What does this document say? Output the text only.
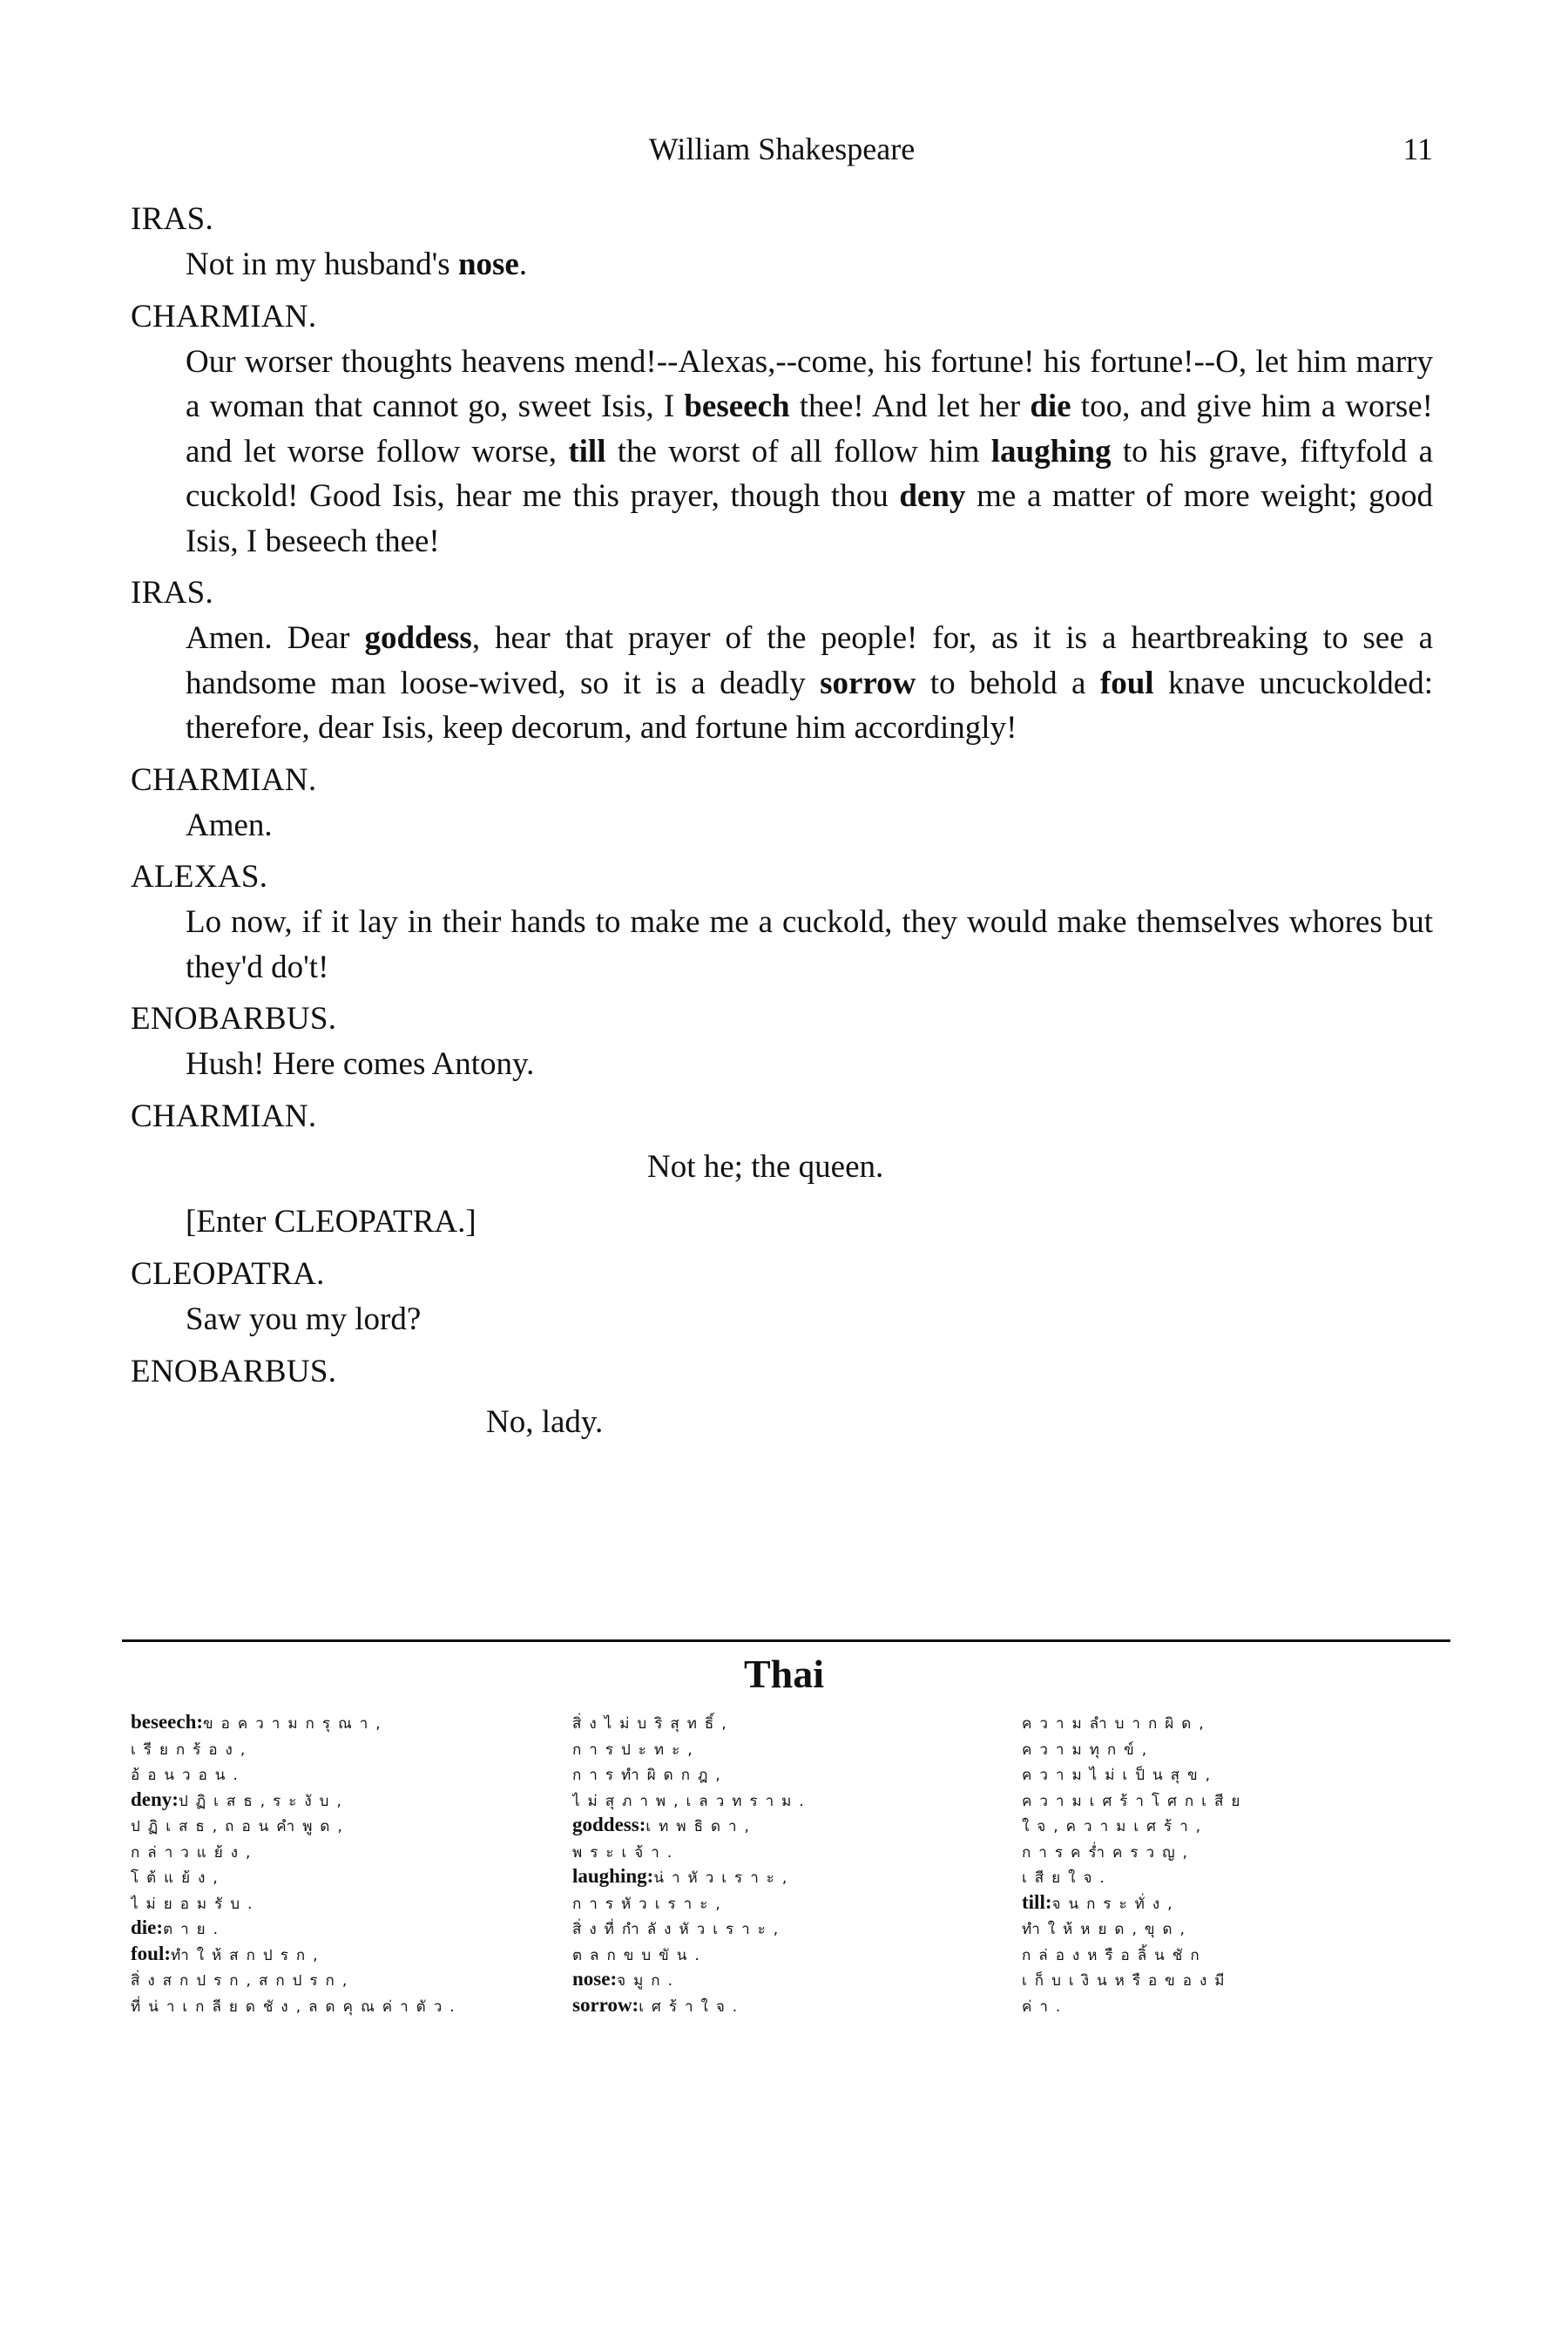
William Shakespeare	11
IRAS.
Not in my husband's nose.
CHARMIAN.
Our worser thoughts heavens mend!--Alexas,--come, his fortune! his fortune!--O, let him marry a woman that cannot go, sweet Isis, I beseech thee! And let her die too, and give him a worse! and let worse follow worse, till the worst of all follow him laughing to his grave, fiftyfold a cuckold! Good Isis, hear me this prayer, though thou deny me a matter of more weight; good Isis, I beseech thee!
IRAS.
Amen. Dear goddess, hear that prayer of the people! for, as it is a heartbreaking to see a handsome man loose-wived, so it is a deadly sorrow to behold a foul knave uncuckolded: therefore, dear Isis, keep decorum, and fortune him accordingly!
CHARMIAN.
Amen.
ALEXAS.
Lo now, if it lay in their hands to make me a cuckold, they would make themselves whores but they'd do't!
ENOBARBUS.
Hush! Here comes Antony.
CHARMIAN.
Not he; the queen.
[Enter CLEOPATRA.]
CLEOPATRA.
Saw you my lord?
ENOBARBUS.
No, lady.
Thai
beseech:ขอความกรุณา,
เรียกร้อง,
อ้อนวอน.
deny:ปฏิเสธ,ระงับ,
ปฏิเสธ,ถอนคำพูด,
กล่าวแย้ง,
โต้แย้ง,
ไม่ยอมรับ.
die:ตาย.
foul:ทำให้สกปรก,
สิ่งสกปรก,สกปรก,
ที่น่าเกลียดชัง,ลดคุณค่าตัว.
สิ่งไม่บริสุทธิ์,
การปะทะ,
การทำผิดกฎ,
ไม่สุภาพ,เลวทราม.
goddess:เทพธิดา,
พระเจ้า.
laughing:น่าหัวเราะ,
การหัวเราะ,
สิ่งที่กำลังหัวเราะ,
ตลกขบขัน.
nose:จมูก.
sorrow:เศร้าใจ.
ความลำบากผิด,
ความทุกข์,
ความไม่เป็นสุข,
ความเศร้าโศกเสีย
ใจ,ความเศร้า,
การคร่ำครวญ,
เสียใจ.
till:จนกระทั่ง,
ทำให้หยด,ขุด,
กล่องหรือลิ้นชัก
เก็บเงินหรือของมี
ค่า.
